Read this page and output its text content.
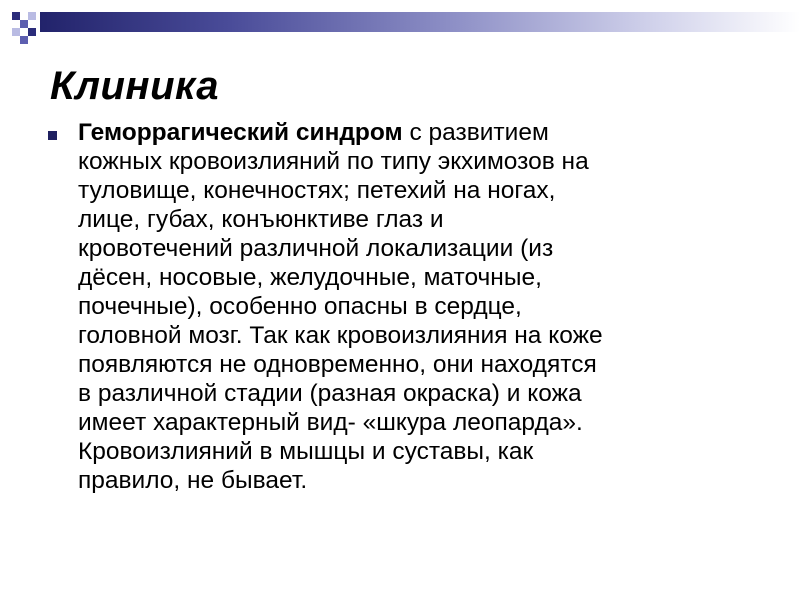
Клиника
Геморрагический синдром с развитием
кожных кровоизлияний по типу экхимозов на
туловище, конечностях; петехий на ногах,
лице, губах, конъюнктиве глаз и
кровотечений различной локализации (из
дёсен, носовые, желудочные, маточные,
почечные), особенно опасны в сердце,
головной мозг. Так как кровоизлияния на коже
появляются не одновременно, они находятся
в различной стадии (разная окраска) и кожа
имеет характерный вид- «шкура леопарда».
Кровоизлияний в мышцы и суставы, как
правило, не бывает.
